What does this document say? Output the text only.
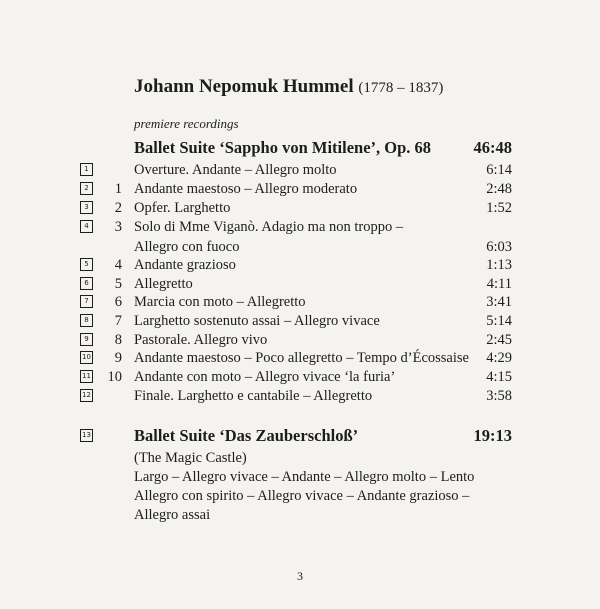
Johann Nepomuk Hummel (1778 – 1837)
premiere recordings
Ballet Suite ‘Sappho von Mitilene’, Op. 68	46:48
1	Overture. Andante – Allegro molto	6:14
2 1 Andante maestoso – Allegro moderato	2:48
3 2 Opfer. Larghetto	1:52
4 3 Solo di Mme Viganò. Adagio ma non troppo –
Allegro con fuoco	6:03
5 4 Andante grazioso	1:13
6 5 Allegretto	4:11
7 6 Marcia con moto – Allegretto	3:41
8 7 Larghetto sostenuto assai – Allegro vivace	5:14
9 8 Pastorale. Allegro vivo	2:45
10 9 Andante maestoso – Poco allegretto – Tempo d’Écossaise 4:29
11 10 Andante con moto – Allegro vivace ‘la furia’	4:15
12	Finale. Larghetto e cantabile – Allegretto	3:58
13	Ballet Suite ‘Das Zauberschloß’	19:13
(The Magic Castle)
Largo – Allegro vivace – Andante – Allegro molto – Lento
Allegro con spirito – Allegro vivace – Andante grazioso –
Allegro assai
3
